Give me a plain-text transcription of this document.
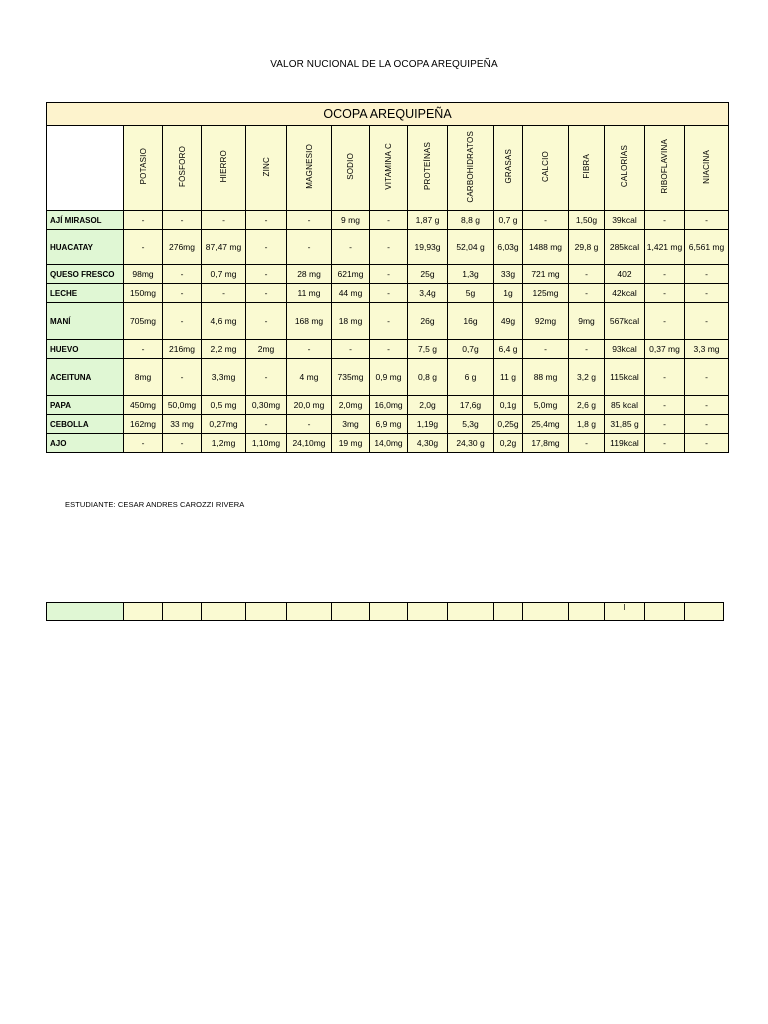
VALOR NUCIONAL DE LA OCOPA AREQUIPEÑA
OCOPA AREQUIPEÑA															
	POTASIO	FÓSFORO	HIERRO	ZINC	MAGNESIO	SODIO	VITAMINA C	PROTEÍNAS	CARBOHIDRATOS	GRASAS	CALCIO	FIBRA	CALORÍAS	RIBOFLAVINA	NIACINA
AJÍ MIRASOL	-	-	-	-	-	9 mg	-	1,87 g	8,8 g	0,7 g	-	1,50g	39kcal	-	-
HUACATAY	-	276mg	87,47 mg	-	-	-	-	19,93g	52,04 g	6,03g	1488 mg	29,8 g	285kcal	1,421 mg	6,561 mg
QUESO FRESCO	98mg	-	0,7 mg	-	28 mg	621mg	-	25g	1,3g	33g	721 mg	-	402	-	-
LECHE	150mg	-	-	-	11 mg	44 mg	-	3,4g	5g	1g	125mg	-	42kcal	-	-
MANÍ	705mg	-	4,6 mg	-	168 mg	18 mg	-	26g	16g	49g	92mg	9mg	567kcal	-	-
HUEVO	-	216mg	2,2 mg	2mg	-	-	-	7,5 g	0,7g	6,4 g	-	-	93kcal	0,37 mg	3,3 mg
ACEITUNA	8mg	-	3,3mg	-	4 mg	735mg	0,9 mg	0,8 g	6 g	11 g	88 mg	3,2 g	115kcal	-	-
PAPA	450mg	50,0mg	0,5 mg	0,30mg	20,0 mg	2,0mg	16,0mg	2,0g	17,6g	0,1g	5,0mg	2,6 g	85 kcal	-	-
CEBOLLA	162mg	33 mg	0,27mg	-	-	3mg	6,9 mg	1,19g	5,3g	0,25g	25,4mg	1,8 g	31,85 g	-	-
AJO	-	-	1,2mg	1,10mg	24,10mg	19 mg	14,0mg	4,30g	24,30 g	0,2g	17,8mg	-	119kcal	-	-
ESTUDIANTE: CESAR ANDRES CAROZZI RIVERA
													l		
